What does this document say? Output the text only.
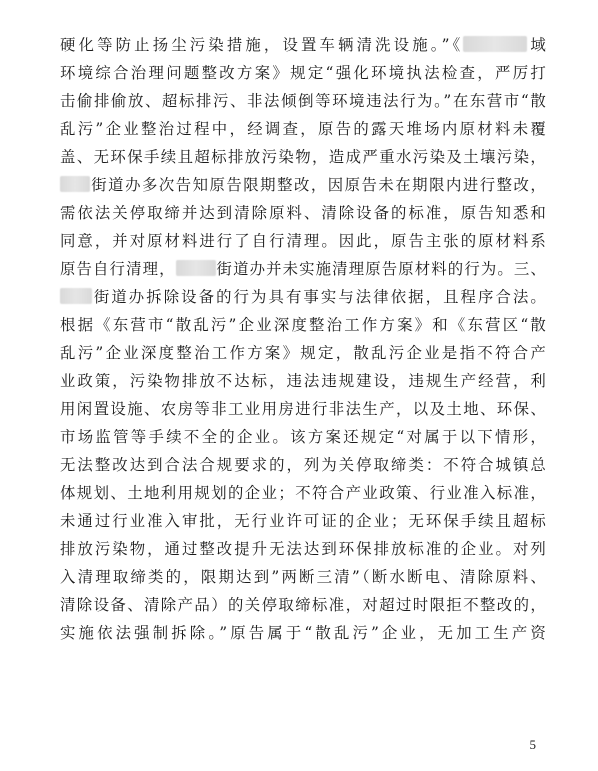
硬化等防止扬尘污染措施，设置车辆清洗设施。”《	域
环境综合治理问题整改方案》规定“强化环境执法检查，严厉打
击偷排偷放、超标排污、非法倾倒等环境违法行为。”在东营市“散
乱污”企业整治过程中，经调查，原告的露天堆场内原材料未覆
盖、无环保手续且超标排放污染物，造成严重水污染及土壤污染，
街道办多次告知原告限期整改，因原告未在期限内进行整改，
需依法关停取缔并达到清除原料、清除设备的标准，原告知悉和
同意，并对原材料进行了自行清理。因此，原告主张的原材料系
原告自行清理，	街道办并未实施清理原告原材料的行为。三、
街道办拆除设备的行为具有事实与法律依据，且程序合法。
根据《东营市“散乱污”企业深度整治工作方案》和《东营区“散
乱污”企业深度整治工作方案》规定，散乱污企业是指不符合产
业政策，污染物排放不达标，违法违规建设，违规生产经营，利
用闲置设施、农房等非工业用房进行非法生产，以及土地、环保、
市场监管等手续不全的企业。该方案还规定“对属于以下情形，
无法整改达到合法合规要求的，列为关停取缔类：不符合城镇总
体规划、土地利用规划的企业；不符合产业政策、行业准入标准，
未通过行业准入审批，无行业许可证的企业；无环保手续且超标
排放污染物，通过整改提升无法达到环保排放标准的企业。对列
入清理取缔类的，限期达到”两断三清”（断水断电、清除原料、
清除设备、清除产品）的关停取缔标准，对超过时限拒不整改的，
实施依法强制拆除。”原告属于“散乱污”企业，无加工生产资
5
